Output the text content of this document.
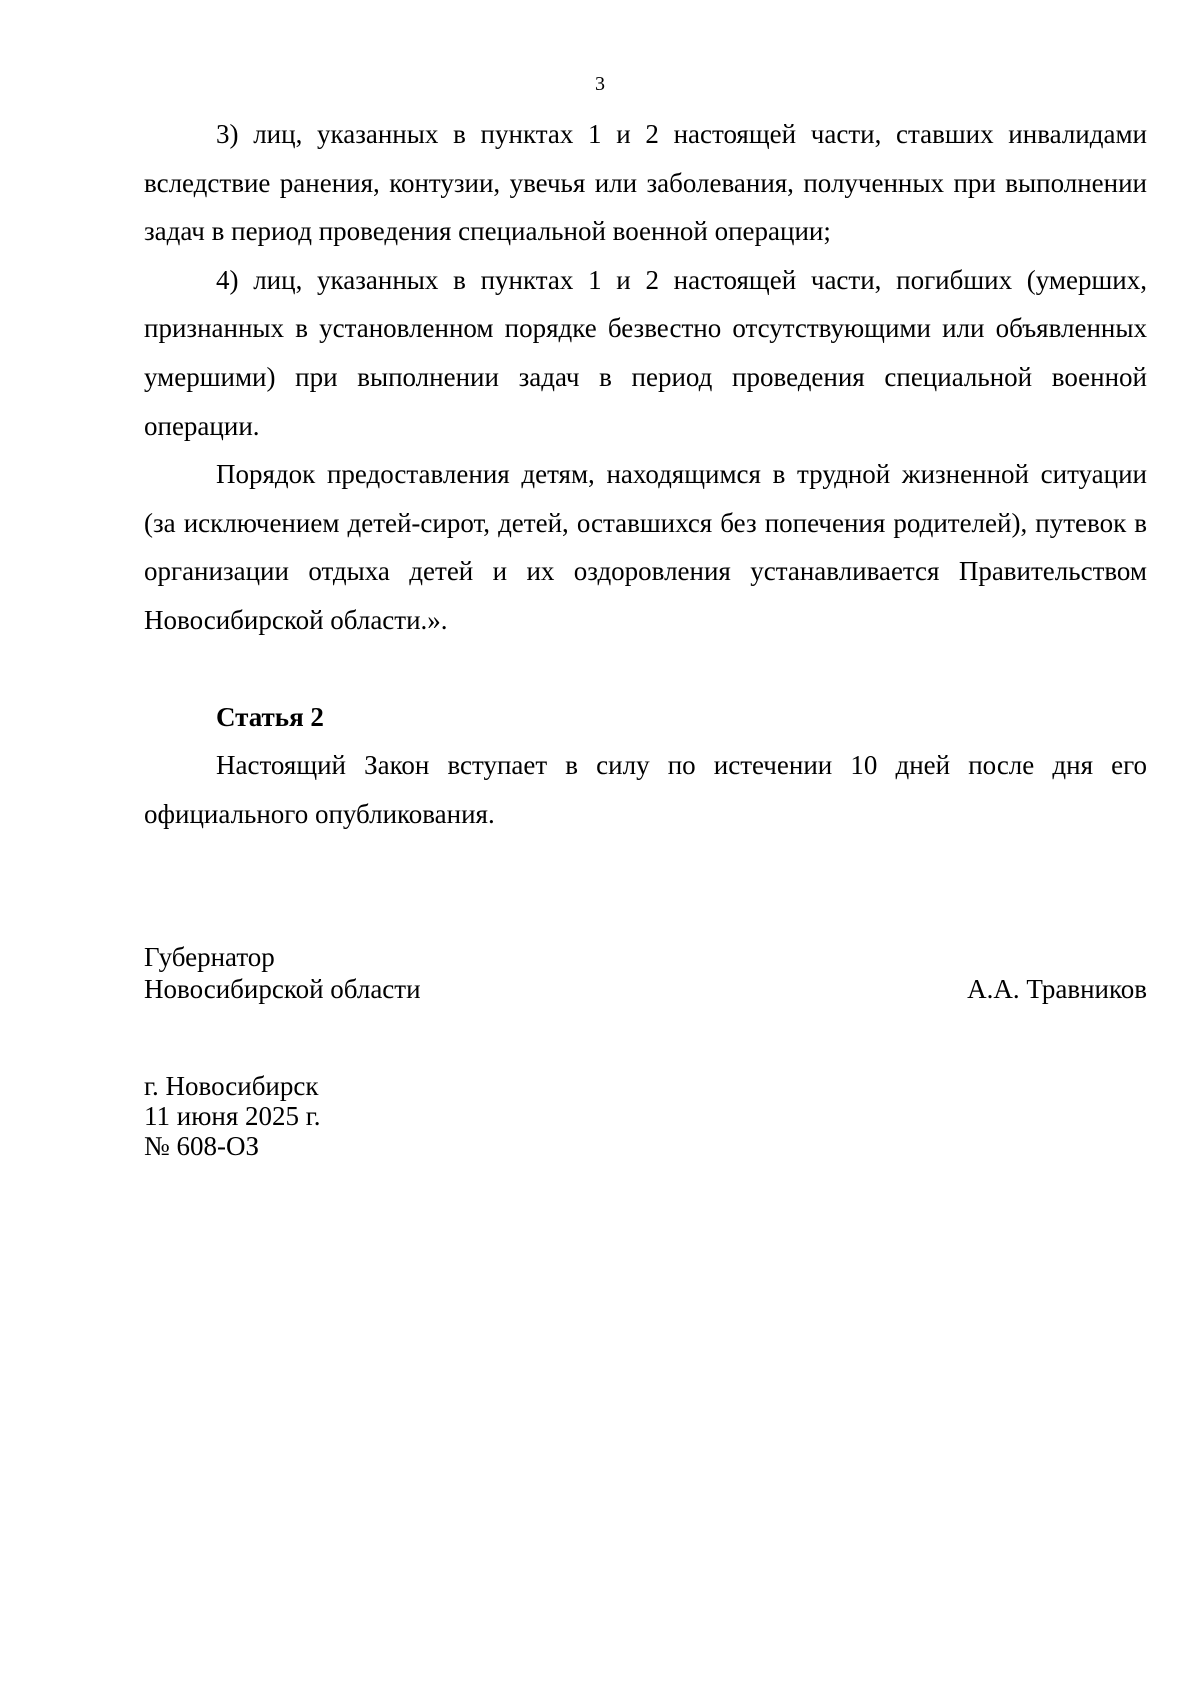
3

3) лиц, указанных в пунктах 1 и 2 настоящей части, ставших инвалидами вследствие ранения, контузии, увечья или заболевания, полученных при выполнении задач в период проведения специальной военной операции;

4) лиц, указанных в пунктах 1 и 2 настоящей части, погибших (умерших, признанных в установленном порядке безвестно отсутствующими или объявленных умершими) при выполнении задач в период проведения специальной военной операции.

Порядок предоставления детям, находящимся в трудной жизненной ситуации (за исключением детей-сирот, детей, оставшихся без попечения родителей), путевок в организации отдыха детей и их оздоровления устанавливается Правительством Новосибирской области.».

Статья 2

Настоящий Закон вступает в силу по истечении 10 дней после дня его официального опубликования.

Губернатор
Новосибирской области	А.А. Травников
г. Новосибирск
11 июня 2025 г.
№ 608-ОЗ
